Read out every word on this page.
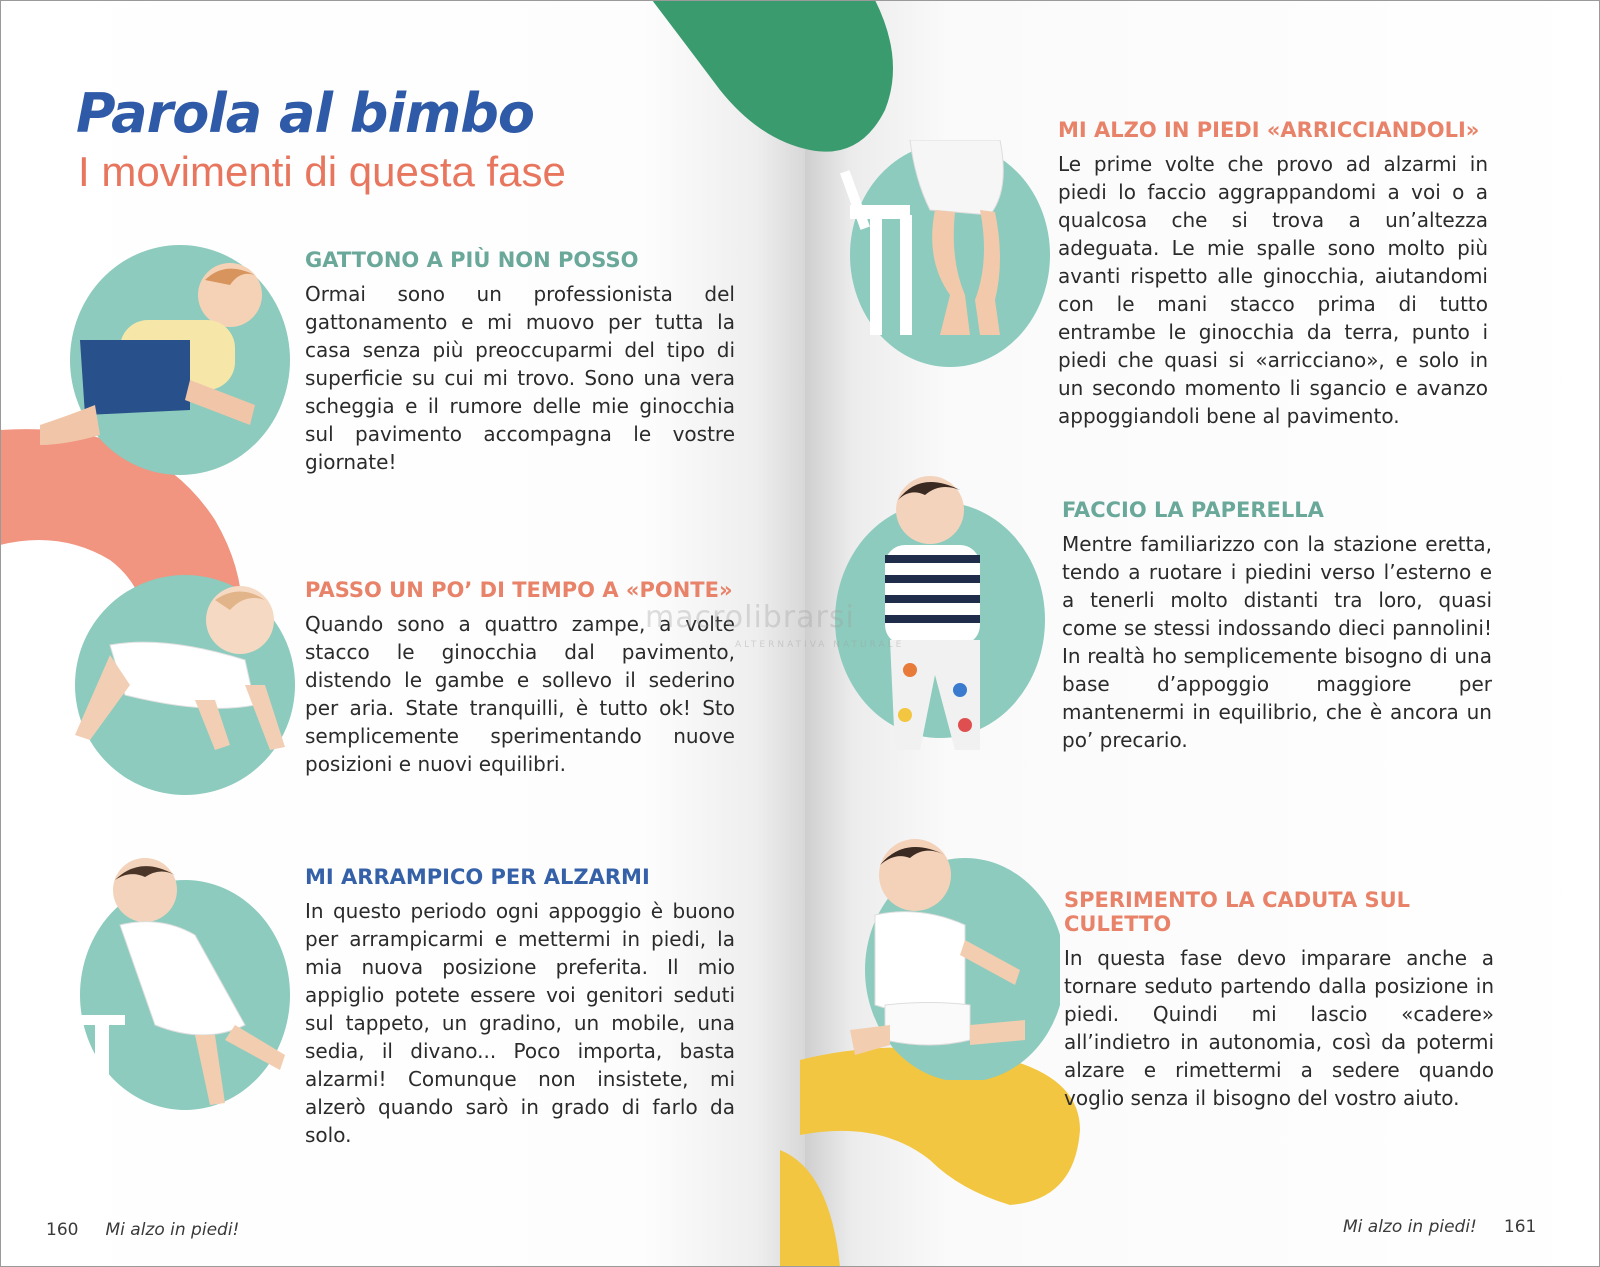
Parola al bimbo
I movimenti di questa fase
GATTONO A PIÙ NON POSSO

Ormai sono un professionista del gattonamento e mi muovo per tutta la casa senza più preoccuparmi del tipo di superficie su cui mi trovo. Sono una vera scheggia e il rumore delle mie ginocchia sul pavimento accompagna le vostre giornate!

PASSO UN PO’ DI TEMPO A «PONTE»

Quando sono a quattro zampe, a volte stacco le ginocchia dal pavimento, distendo le gambe e sollevo il sederino per aria. State tranquilli, è tutto ok! Sto semplicemente sperimentando nuove posizioni e nuovi equilibri.

MI ARRAMPICO PER ALZARMI

In questo periodo ogni appoggio è buono per arrampicarmi e mettermi in piedi, la mia nuova posizione preferita. Il mio appiglio potete essere voi genitori seduti sul tappeto, un gradino, un mobile, una sedia, il divano... Poco importa, basta alzarmi! Comunque non insistete, mi alzerò quando sarò in grado di farlo da solo.

MI ALZO IN PIEDI «ARRICCIANDOLI»

Le prime volte che provo ad alzarmi in piedi lo faccio aggrappandomi a voi o a qualcosa che si trova a un’altezza adeguata. Le mie spalle sono molto più avanti rispetto alle ginocchia, aiutandomi con le mani stacco prima di tutto entrambe le ginocchia da terra, punto i piedi che quasi si «arricciano», e solo in un secondo momento li sgancio e avanzo appoggiandoli bene al pavimento.

FACCIO LA PAPERELLA

Mentre familiarizzo con la stazione eretta, tendo a ruotare i piedini verso l’esterno e a tenerli molto distanti tra loro, quasi come se stessi indossando dieci pannolini! In realtà ho semplicemente bisogno di una base d’appoggio maggiore per mantenermi in equilibrio, che è ancora un po’ precario.

SPERIMENTO LA CADUTA SUL CULETTO

In questa fase devo imparare anche a tornare seduto partendo dalla posizione in piedi. Quindi mi lascio «cadere» all’indietro in autonomia, così da potermi alzare e rimettermi a sedere quando voglio senza il bisogno del vostro aiuto.

macrolibrarsi
ALTERNATIVA NATURALE
160 Mi alzo in piedi!	Mi alzo in piedi! 161
